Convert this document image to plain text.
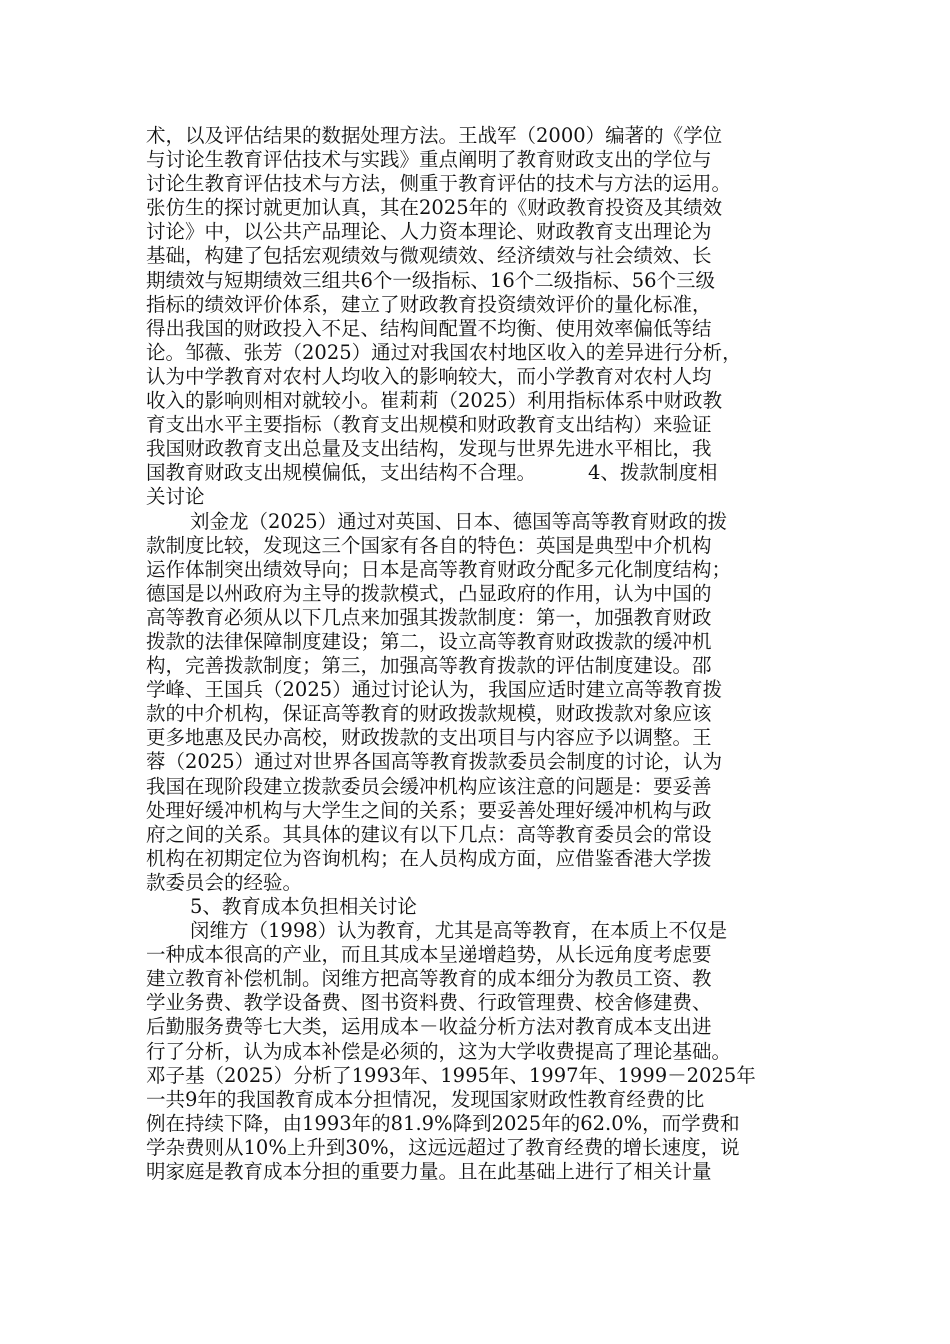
术，以及评估结果的数据处理方法。王战军（2000）编著的《学位
与讨论生教育评估技术与实践》重点阐明了教育财政支出的学位与
讨论生教育评估技术与方法，侧重于教育评估的技术与方法的运用。
张仿生的探讨就更加认真，其在2025年的《财政教育投资及其绩效
讨论》中，以公共产品理论、人力资本理论、财政教育支出理论为
基础，构建了包括宏观绩效与微观绩效、经济绩效与社会绩效、长
期绩效与短期绩效三组共6个一级指标、16个二级指标、56个三级
指标的绩效评价体系，建立了财政教育投资绩效评价的量化标准，
得出我国的财政投入不足、结构间配置不均衡、使用效率偏低等结
论。邹薇、张芳（2025）通过对我国农村地区收入的差异进行分析，
认为中学教育对农村人均收入的影响较大，而小学教育对农村人均
收入的影响则相对就较小。崔莉莉（2025）利用指标体系中财政教
育支出水平主要指标（教育支出规模和财政教育支出结构）来验证
我国财政教育支出总量及支出结构，发现与世界先进水平相比，我
国教育财政支出规模偏低，支出结构不合理。	4、拨款制度相
关讨论
刘金龙（2025）通过对英国、日本、德国等高等教育财政的拨
款制度比较，发现这三个国家有各自的特色：英国是典型中介机构
运作体制突出绩效导向；日本是高等教育财政分配多元化制度结构；
德国是以州政府为主导的拨款模式，凸显政府的作用，认为中国的
高等教育必须从以下几点来加强其拨款制度：第一，加强教育财政
拨款的法律保障制度建设；第二，设立高等教育财政拨款的缓冲机
构，完善拨款制度；第三，加强高等教育拨款的评估制度建设。邵
学峰、王国兵（2025）通过讨论认为，我国应适时建立高等教育拨
款的中介机构，保证高等教育的财政拨款规模，财政拨款对象应该
更多地惠及民办高校，财政拨款的支出项目与内容应予以调整。王
蓉（2025）通过对世界各国高等教育拨款委员会制度的讨论，认为
我国在现阶段建立拨款委员会缓冲机构应该注意的问题是：要妥善
处理好缓冲机构与大学生之间的关系；要妥善处理好缓冲机构与政
府之间的关系。其具体的建议有以下几点：高等教育委员会的常设
机构在初期定位为咨询机构；在人员构成方面，应借鉴香港大学拨
款委员会的经验。
5、教育成本负担相关讨论
闵维方（1998）认为教育，尤其是高等教育，在本质上不仅是
一种成本很高的产业，而且其成本呈递增趋势，从长远角度考虑要
建立教育补偿机制。闵维方把高等教育的成本细分为教员工资、教
学业务费、教学设备费、图书资料费、行政管理费、校舍修建费、
后勤服务费等七大类，运用成本－收益分析方法对教育成本支出进
行了分析，认为成本补偿是必须的，这为大学收费提高了理论基础。
邓子基（2025）分析了1993年、1995年、1997年、1999－2025年
一共9年的我国教育成本分担情况，发现国家财政性教育经费的比
例在持续下降，由1993年的81.9%降到2025年的62.0%，而学费和
学杂费则从10%上升到30%，这远远超过了教育经费的增长速度，说
明家庭是教育成本分担的重要力量。且在此基础上进行了相关计量
